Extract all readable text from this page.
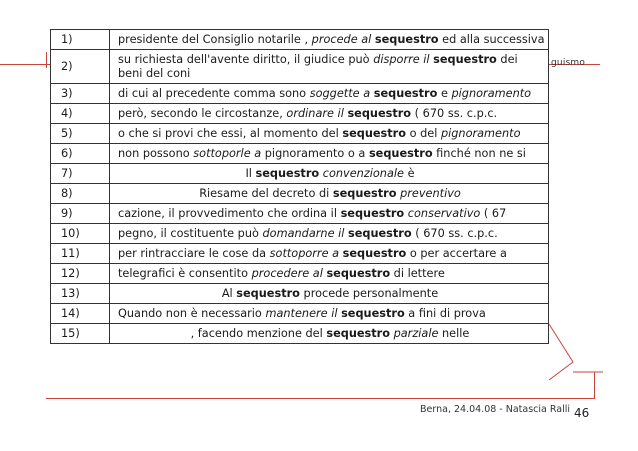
guismo
1)	presidente del Consiglio notarile , procede al sequestro ed alla successiva
2)	su richiesta dell'avente diritto, il giudice può disporre il sequestro dei beni del coni
3)	di cui al precedente comma sono soggette a sequestro e pignoramento
4)	però, secondo le circostanze, ordinare il sequestro ( 670 ss. c.p.c.
5)	o che si provi che essi, al momento del sequestro o del pignoramento
6)	non possono sottoporle a pignoramento o a sequestro finché non ne si
7)	Il sequestro convenzionale è
8)	Riesame del decreto di sequestro preventivo
9)	cazione, il provvedimento che ordina il sequestro conservativo ( 67
10)	pegno, il costituente può domandarne il sequestro ( 670 ss. c.p.c.
11)	per rintracciare le cose da sottoporre a sequestro o per accertare a
12)	telegrafici è consentito procedere al sequestro di lettere
13)	Al sequestro procede personalmente
14)	Quando non è necessario mantenere il sequestro a fini di prova
15)	, facendo menzione del sequestro parziale nelle
Berna, 24.04.08 - Natascia Ralli 46
